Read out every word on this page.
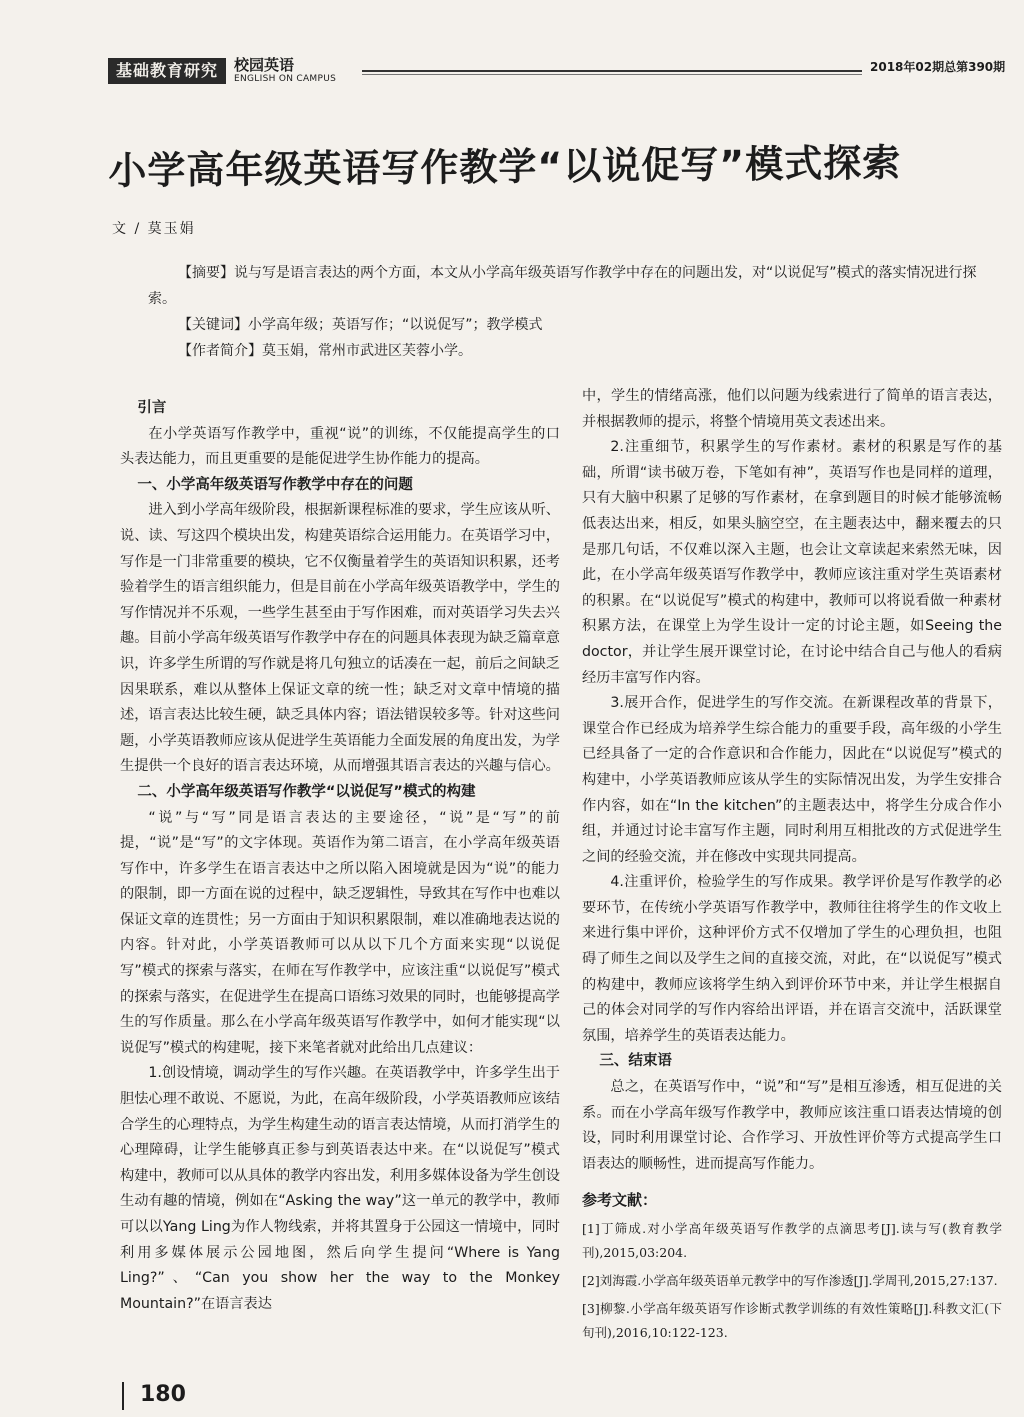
基础教育研究	校园英语
ENGLISH ON CAMPUS
2018年02期总第390期
小学高年级英语写作教学“以说促写”模式探索
文 / 莫玉娟

【摘要】说与写是语言表达的两个方面，本文从小学高年级英语写作教学中存在的问题出发，对“以说促写”模式的落实情况进行探索。

【关键词】小学高年级；英语写作；“以说促写”；教学模式

【作者简介】莫玉娟，常州市武进区芙蓉小学。

引言

在小学英语写作教学中，重视“说”的训练，不仅能提高学生的口头表达能力，而且更重要的是能促进学生协作能力的提高。

一、小学高年级英语写作教学中存在的问题

进入到小学高年级阶段，根据新课程标准的要求，学生应该从听、说、读、写这四个模块出发，构建英语综合运用能力。在英语学习中，写作是一门非常重要的模块，它不仅衡量着学生的英语知识积累，还考验着学生的语言组织能力，但是目前在小学高年级英语教学中，学生的写作情况并不乐观，一些学生甚至由于写作困难，而对英语学习失去兴趣。目前小学高年级英语写作教学中存在的问题具体表现为缺乏篇章意识，许多学生所谓的写作就是将几句独立的话凑在一起，前后之间缺乏因果联系，难以从整体上保证文章的统一性；缺乏对文章中情境的描述，语言表达比较生硬，缺乏具体内容；语法错误较多等。针对这些问题，小学英语教师应该从促进学生英语能力全面发展的角度出发，为学生提供一个良好的语言表达环境，从而增强其语言表达的兴趣与信心。

二、小学高年级英语写作教学“以说促写”模式的构建

“说”与“写”同是语言表达的主要途径，“说”是“写”的前提，“说”是“写”的文字体现。英语作为第二语言，在小学高年级英语写作中，许多学生在语言表达中之所以陷入困境就是因为“说”的能力的限制，即一方面在说的过程中，缺乏逻辑性，导致其在写作中也难以保证文章的连贯性；另一方面由于知识积累限制，难以准确地表达说的内容。针对此，小学英语教师可以从以下几个方面来实现“以说促写”模式的探索与落实，在师在写作教学中，应该注重“以说促写”模式的探索与落实，在促进学生在提高口语练习效果的同时，也能够提高学生的写作质量。那么在小学高年级英语写作教学中，如何才能实现“以说促写”模式的构建呢，接下来笔者就对此给出几点建议：

1.创设情境，调动学生的写作兴趣。在英语教学中，许多学生出于胆怯心理不敢说、不愿说，为此，在高年级阶段，小学英语教师应该结合学生的心理特点，为学生构建生动的语言表达情境，从而打消学生的心理障碍，让学生能够真正参与到英语表达中来。在“以说促写”模式构建中，教师可以从具体的教学内容出发，利用多媒体设备为学生创设生动有趣的情境，例如在“Asking the way”这一单元的教学中，教师可以以Yang Ling为作人物线索，并将其置身于公园这一情境中，同时利用多媒体展示公园地图，然后向学生提问“Where is Yang Ling?”、“Can you show her the way to the Monkey Mountain?”在语言表达

中，学生的情绪高涨，他们以问题为线索进行了简单的语言表达，并根据教师的提示，将整个情境用英文表述出来。

2.注重细节，积累学生的写作素材。素材的积累是写作的基础，所谓“读书破万卷，下笔如有神”，英语写作也是同样的道理，只有大脑中积累了足够的写作素材，在拿到题目的时候才能够流畅低表达出来，相反，如果头脑空空，在主题表达中，翻来覆去的只是那几句话，不仅难以深入主题，也会让文章读起来索然无味，因此，在小学高年级英语写作教学中，教师应该注重对学生英语素材的积累。在“以说促写”模式的构建中，教师可以将说看做一种素材积累方法，在课堂上为学生设计一定的讨论主题，如Seeing the doctor，并让学生展开课堂讨论，在讨论中结合自己与他人的看病经历丰富写作内容。

3.展开合作，促进学生的写作交流。在新课程改革的背景下，课堂合作已经成为培养学生综合能力的重要手段，高年级的小学生已经具备了一定的合作意识和合作能力，因此在“以说促写”模式的构建中，小学英语教师应该从学生的实际情况出发，为学生安排合作内容，如在“In the kitchen”的主题表达中，将学生分成合作小组，并通过讨论丰富写作主题，同时利用互相批改的方式促进学生之间的经验交流，并在修改中实现共同提高。

4.注重评价，检验学生的写作成果。教学评价是写作教学的必要环节，在传统小学英语写作教学中，教师往往将学生的作文收上来进行集中评价，这种评价方式不仅增加了学生的心理负担，也阻碍了师生之间以及学生之间的直接交流，对此，在“以说促写”模式的构建中，教师应该将学生纳入到评价环节中来，并让学生根据自己的体会对同学的写作内容给出评语，并在语言交流中，活跃课堂氛围，培养学生的英语表达能力。

三、结束语

总之，在英语写作中，“说”和“写”是相互渗透，相互促进的关系。而在小学高年级写作教学中，教师应该注重口语表达情境的创设，同时利用课堂讨论、合作学习、开放性评价等方式提高学生口语表达的顺畅性，进而提高写作能力。

参考文献：

[1]丁筛成.对小学高年级英语写作教学的点滴思考[J].读与写(教育教学刊),2015,03:204.

[2]刘海霞.小学高年级英语单元教学中的写作渗透[J].学周刊,2015,27:137.

[3]柳黎.小学高年级英语写作诊断式教学训练的有效性策略[J].科教文汇(下旬刊),2016,10:122-123.

180
